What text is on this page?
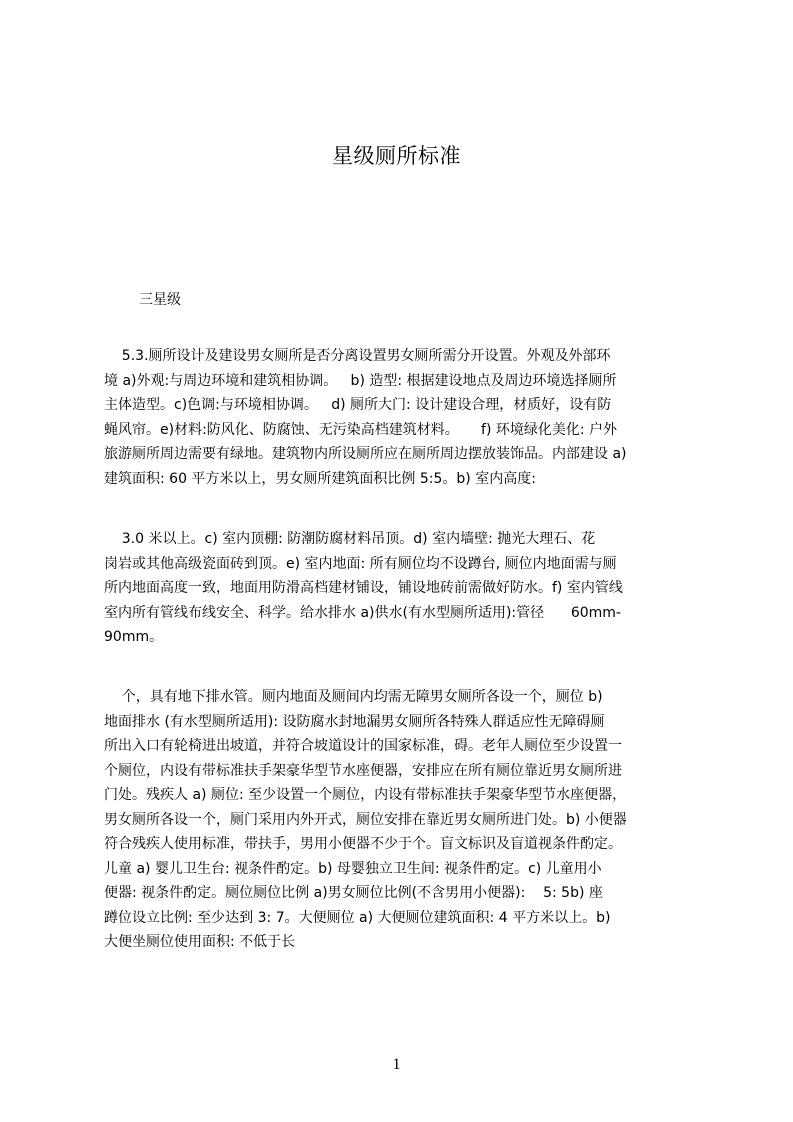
星级厕所标准
三星级
5.3.厕所设计及建设男女厕所是否分离设置男女厕所需分开设置。外观及外部环
境 a)外观:与周边环境和建筑相协调。   b) 造型: 根据建设地点及周边环境选择厕所
主体造型。c)色调:与环境相协调。   d) 厕所大门: 设计建设合理，材质好，设有防
蝇风帘。e)材料:防风化、防腐蚀、无污染高档建筑材料。     f) 环境绿化美化: 户外
旅游厕所周边需要有绿地。建筑物内所设厕所应在厕所周边摆放装饰品。内部建设 a)
建筑面积: 60 平方米以上，男女厕所建筑面积比例 5:5。b) 室内高度:
3.0 米以上。c) 室内顶棚: 防潮防腐材料吊顶。d) 室内墙壁: 抛光大理石、花
岗岩或其他高级瓷面砖到顶。e) 室内地面: 所有厕位均不设蹲台, 厕位内地面需与厕
所内地面高度一致，地面用防滑高档建材铺设，铺设地砖前需做好防水。f) 室内管线
室内所有管线布线安全、科学。给水排水 a)供水(有水型厕所适用):管径      60mm-
90mm。
个，具有地下排水管。厕内地面及厕间内均需无障男女厕所各设一个，厕位 b)
地面排水 (有水型厕所适用): 设防腐水封地漏男女厕所各特殊人群适应性无障碍厕
所出入口有轮椅进出坡道，并符合坡道设计的国家标准，碍。老年人厕位至少设置一
个厕位，内设有带标准扶手架豪华型节水座便器，安排应在所有厕位靠近男女厕所进
门处。残疾人 a) 厕位: 至少设置一个厕位，内设有带标准扶手架豪华型节水座便器，
男女厕所各设一个，厕门采用内外开式，厕位安排在靠近男女厕所进门处。b) 小便器
符合残疾人使用标准，带扶手，男用小便器不少于个。盲文标识及盲道视条件酌定。
儿童 a) 婴儿卫生台: 视条件酌定。b) 母婴独立卫生间: 视条件酌定。c) 儿童用小
便器: 视条件酌定。厕位厕位比例 a)男女厕位比例(不含男用小便器):    5: 5b) 座
蹲位设立比例: 至少达到 3: 7。大便厕位 a) 大便厕位建筑面积: 4 平方米以上。b)
大便坐厕位使用面积: 不低于长
1
